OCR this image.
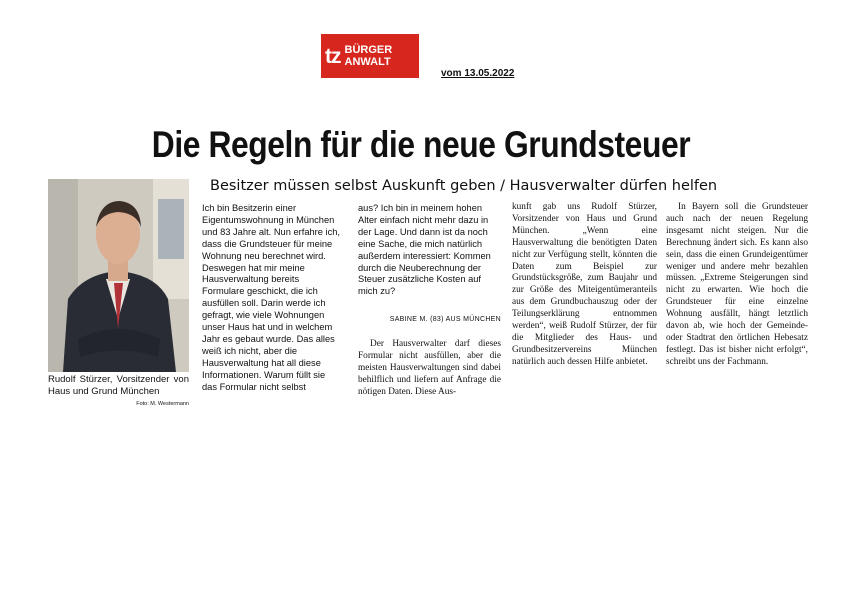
tz BÜRGER
ANWALT
vom 13.05.2022
Die Regeln für die neue Grundsteuer
Besitzer müssen selbst Auskunft geben / Hausverwalter dürfen helfen
Rudolf Stürzer, Vorsitzender von Haus und Grund München
Foto: M. Westermann
Ich bin Besitzerin einer Eigentumswohnung in München und 83 Jahre alt. Nun erfahre ich, dass die Grundsteuer für meine Wohnung neu berechnet wird. Deswegen hat mir meine Hausverwaltung bereits Formulare geschickt, die ich ausfüllen soll. Darin werde ich gefragt, wie viele Wohnungen unser Haus hat und in welchem Jahr es gebaut wurde. Das alles weiß ich nicht, aber die Hausverwaltung hat all diese Informationen. Warum füllt sie das Formular nicht selbst
aus? Ich bin in meinem hohen Alter einfach nicht mehr dazu in der Lage. Und dann ist da noch eine Sache, die mich natürlich außerdem interessiert: Kommen durch die Neuberechnung der Steuer zusätzliche Kosten auf mich zu?
SABINE M. (83) AUS MÜNCHEN

Der Hausverwalter darf dieses Formular nicht ausfüllen, aber die meisten Hausverwaltungen sind dabei behilflich und liefern auf Anfrage die nötigen Daten. Diese Aus-

kunft gab uns Rudolf Stürzer, Vorsitzender von Haus und Grund München. „Wenn eine Hausverwaltung die benötigten Daten nicht zur Verfügung stellt, könnten die Daten zum Beispiel zur Grundstücksgröße, zum Baujahr und zur Größe des Miteigentümeranteils aus dem Grundbuchauszug oder der Teilungserklärung entnommen werden“, weiß Rudolf Stürzer, der für die Mitglieder des Haus- und Grundbesitzervereins München natürlich auch dessen Hilfe anbietet.

In Bayern soll die Grundsteuer auch nach der neuen Regelung insgesamt nicht steigen. Nur die Berechnung ändert sich. Es kann also sein, dass die einen Grundeigentümer weniger und andere mehr bezahlen müssen. „Extreme Steigerungen sind nicht zu erwarten. Wie hoch die Grundsteuer für eine einzelne Wohnung ausfällt, hängt letztlich davon ab, wie hoch der Gemeinde- oder Stadtrat den örtlichen Hebesatz festlegt. Das ist bisher nicht erfolgt“, schreibt uns der Fachmann.
